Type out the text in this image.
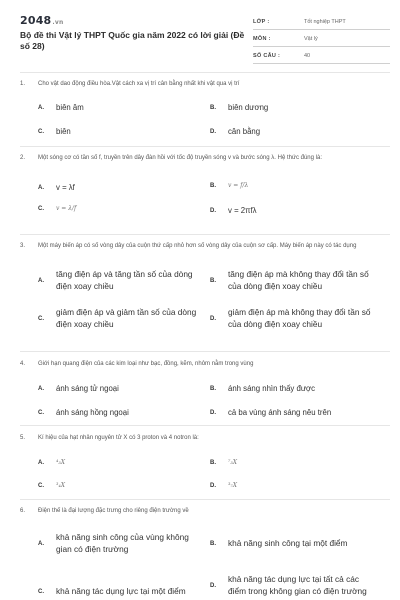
2048.vn
Bộ đề thi Vật lý THPT Quốc gia năm 2022 có lời giải (Đề số 28)
LỚP :	Tốt nghiệp THPT
MÔN :	Vật lý
SỐ CÂU :	40
1.	Cho vật dao động điều hòa.Vật cách xa vị trí cân bằng nhất khi vật qua vị trí
A.	biên âm	B.	biên dương
C.	biên	D.	cân bằng
2.	Một sóng cơ có tần số f, truyền trên dây đàn hồi với tốc độ truyền sóng v và bước sóng λ. Hệ thức đúng là:
A.	v = λf	B.	v = f/λ
C.	v = λ/f	D.	v = 2πfλ
3.	Một máy biến áp có số vòng dây của cuộn thứ cấp nhỏ hơn số vòng dây của cuộn sơ cấp. Máy biến áp này có tác dụng
A.
tăng điện áp và tăng tần số của dòng điện xoay chiều	B.
tăng điện áp mà không thay đổi tần số của dòng điện xoay chiều
C.
giảm điện áp và giảm tần số của dòng điện xoay chiều	D.
giảm điện áp mà không thay đổi tần số của dòng điện xoay chiều
4.	Giới hạn quang điện của các kim loại như bạc, đồng, kẽm, nhôm nằm trong vùng
A.	ánh sáng tử ngoại	B.	ánh sáng nhìn thấy được
C.	ánh sáng hồng ngoại	D.	cả ba vùng ánh sáng nêu trên
5.	Kí hiệu của hạt nhân nguyên tử X có 3 proton và 4 notron là:
A.	⁴₃X	B.	⁷₃X
C.	³₄X	D.	³₇X
6.	Điện thế là đại lượng đặc trưng cho riêng điện trường về
A.
khả năng sinh công của vùng không gian có điện trường	B.	khả năng sinh công tại một điểm
C.	khả năng tác dụng lực tại một điểm
D.
khả năng tác dụng lực tại tất cả các điểm trong không gian có điện trường
